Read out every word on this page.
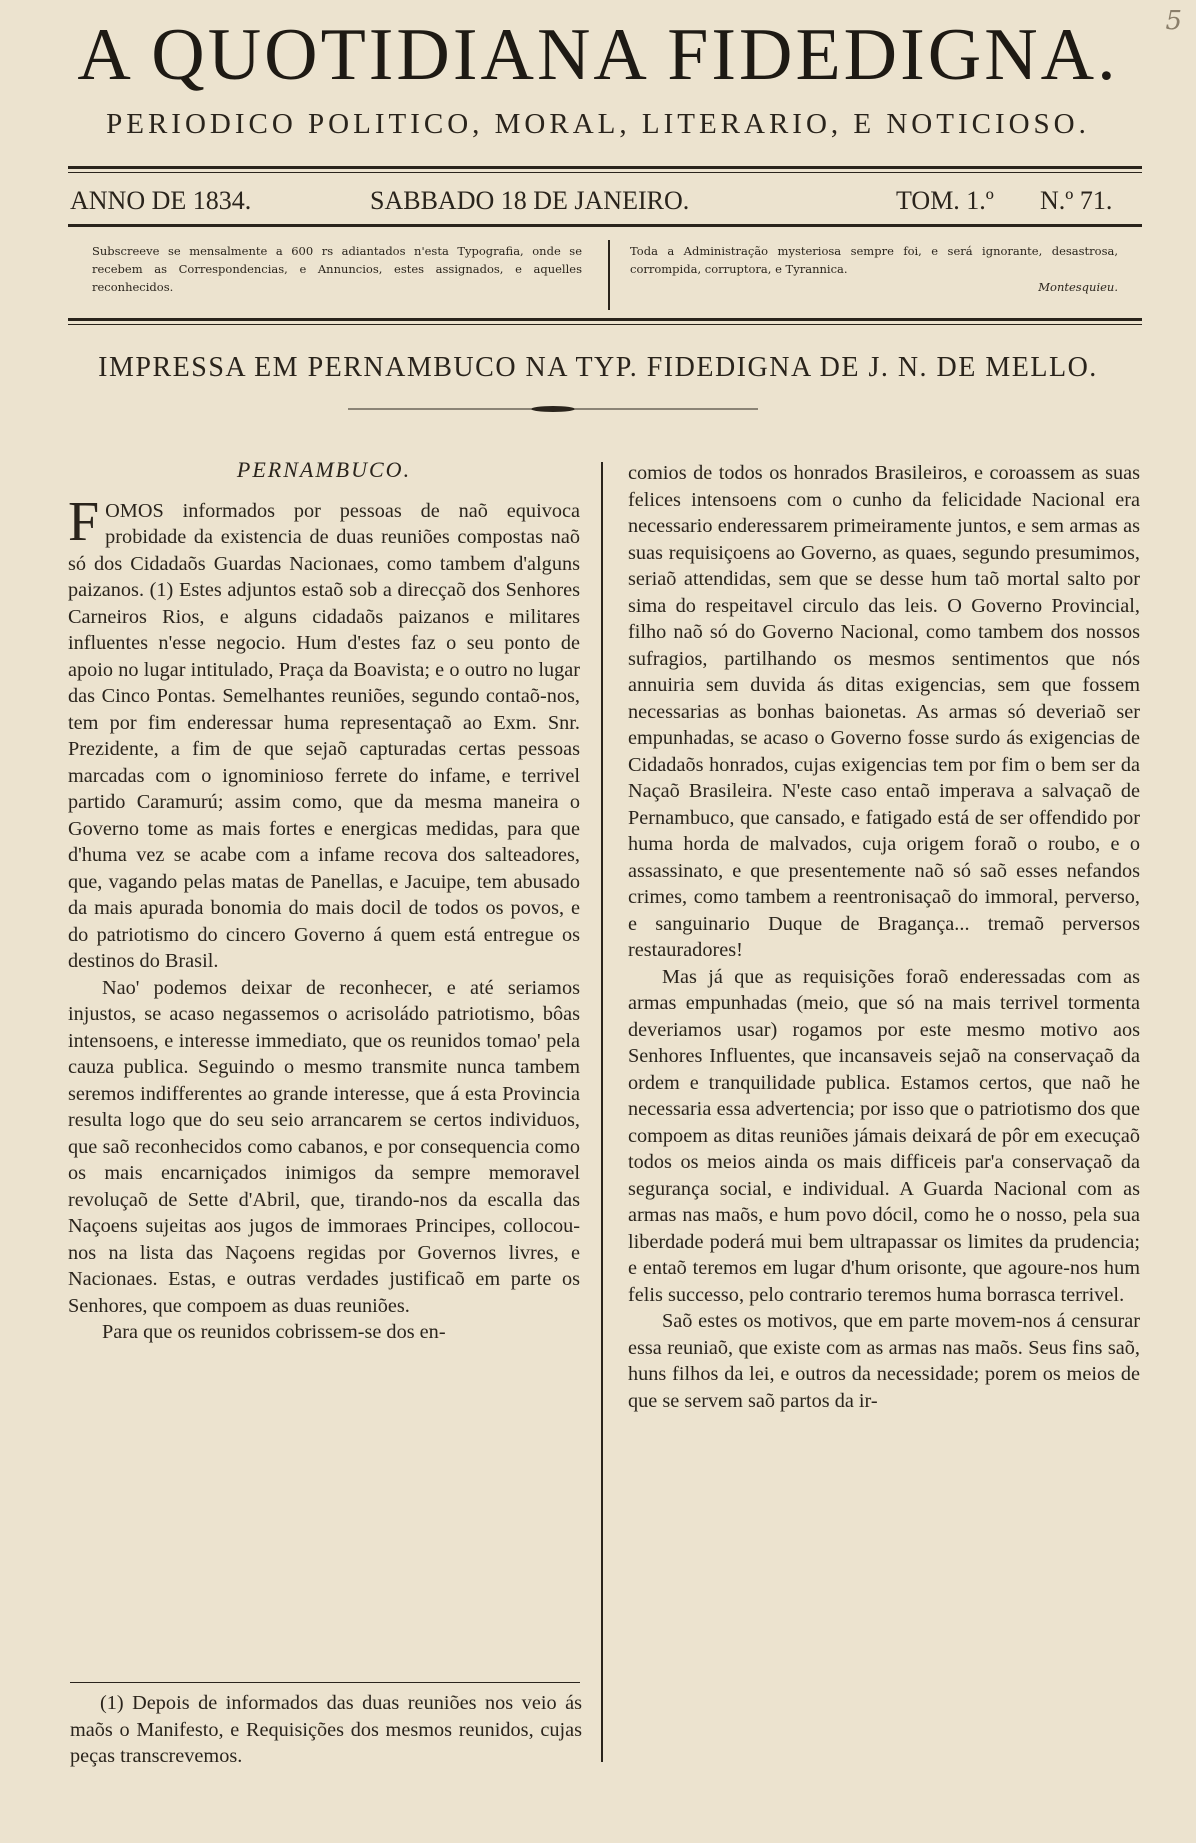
5
A QUOTIDIANA FIDEDIGNA.
PERIODICO POLITICO, MORAL, LITERARIO, E NOTICIOSO.
ANNO DE 1834.	SABBADO 18 DE JANEIRO.	TOM. 1.º N.º 71.
Subscreeve se mensalmente a 600 rs adiantados n'esta Typografia, onde se recebem as Correspondencias, e Annuncios, estes assignados, e aquelles reconhecidos.
Toda a Administração mysteriosa sempre foi, e será ignorante, desastrosa, corrompida, corruptora, e Tyrannica.
Montesquieu.
IMPRESSA EM PERNAMBUCO NA TYP. FIDEDIGNA DE J. N. DE MELLO.

PERNAMBUCO.

FOMOS informados por pessoas de naõ equivoca probidade da existencia de duas reuniões compostas naõ só dos Cidadaõs Guardas Nacionaes, como tambem d'alguns paizanos. (1) Estes adjuntos estaõ sob a direcçaõ dos Senhores Carneiros Rios, e alguns cidadaõs paizanos e militares influentes n'esse negocio. Hum d'estes faz o seu ponto de apoio no lugar intitulado, Praça da Boavista; e o outro no lugar das Cinco Pontas. Semelhantes reuniões, segundo contaõ-nos, tem por fim enderessar huma representaçaõ ao Exm. Snr. Prezidente, a fim de que sejaõ capturadas certas pessoas marcadas com o ignominioso ferrete do infame, e terrivel partido Caramurú; assim como, que da mesma maneira o Governo tome as mais fortes e energicas medidas, para que d'huma vez se acabe com a infame recova dos salteadores, que, vagando pelas matas de Panellas, e Jacuipe, tem abusado da mais apurada bonomia do mais docil de todos os povos, e do patriotismo do cincero Governo á quem está entregue os destinos do Brasil.

Nao' podemos deixar de reconhecer, e até seriamos injustos, se acaso negassemos o acrisoládo patriotismo, bôas intensoens, e interesse immediato, que os reunidos tomao' pela cauza publica. Seguindo o mesmo transmite nunca tambem seremos indifferentes ao grande interesse, que á esta Provincia resulta logo que do seu seio arrancarem se certos individuos, que saõ reconhecidos como cabanos, e por consequencia como os mais encarniçados inimigos da sempre memoravel revoluçaõ de Sette d'Abril, que, tirando-nos da escalla das Naçoens sujeitas aos jugos de immoraes Principes, collocou-nos na lista das Naçoens regidas por Governos livres, e Nacionaes. Estas, e outras verdades justificaõ em parte os Senhores, que compoem as duas reuniões.

Para que os reunidos cobrissem-se dos en-

comios de todos os honrados Brasileiros, e coroassem as suas felices intensoens com o cunho da felicidade Nacional era necessario enderessarem primeiramente juntos, e sem armas as suas requisiçoens ao Governo, as quaes, segundo presumimos, seriaõ attendidas, sem que se desse hum taõ mortal salto por sima do respeitavel circulo das leis. O Governo Provincial, filho naõ só do Governo Nacional, como tambem dos nossos sufragios, partilhando os mesmos sentimentos que nós annuiria sem duvida ás ditas exigencias, sem que fossem necessarias as bonhas baionetas. As armas só deveriaõ ser empunhadas, se acaso o Governo fosse surdo ás exigencias de Cidadaõs honrados, cujas exigencias tem por fim o bem ser da Naçaõ Brasileira. N'este caso entaõ imperava a salvaçaõ de Pernambuco, que cansado, e fatigado está de ser offendido por huma horda de malvados, cuja origem foraõ o roubo, e o assassinato, e que presentemente naõ só saõ esses nefandos crimes, como tambem a reentronisaçaõ do immoral, perverso, e sanguinario Duque de Bragança... tremaõ perversos restauradores!

Mas já que as requisições foraõ enderessadas com as armas empunhadas (meio, que só na mais terrivel tormenta deveriamos usar) rogamos por este mesmo motivo aos Senhores Influentes, que incansaveis sejaõ na conservaçaõ da ordem e tranquilidade publica. Estamos certos, que naõ he necessaria essa advertencia; por isso que o patriotismo dos que compoem as ditas reuniões jámais deixará de pôr em execuçaõ todos os meios ainda os mais difficeis par'a conservaçaõ da segurança social, e individual. A Guarda Nacional com as armas nas maõs, e hum povo dócil, como he o nosso, pela sua liberdade poderá mui bem ultrapassar os limites da prudencia; e entaõ teremos em lugar d'hum orisonte, que agoure-nos hum felis successo, pelo contrario teremos huma borrasca terrivel.

Saõ estes os motivos, que em parte movem-nos á censurar essa reuniaõ, que existe com as armas nas maõs. Seus fins saõ, huns filhos da lei, e outros da necessidade; porem os meios de que se servem saõ partos da ir-

(1) Depois de informados das duas reuniões nos veio ás maõs o Manifesto, e Requisições dos mesmos reunidos, cujas peças transcrevemos.
